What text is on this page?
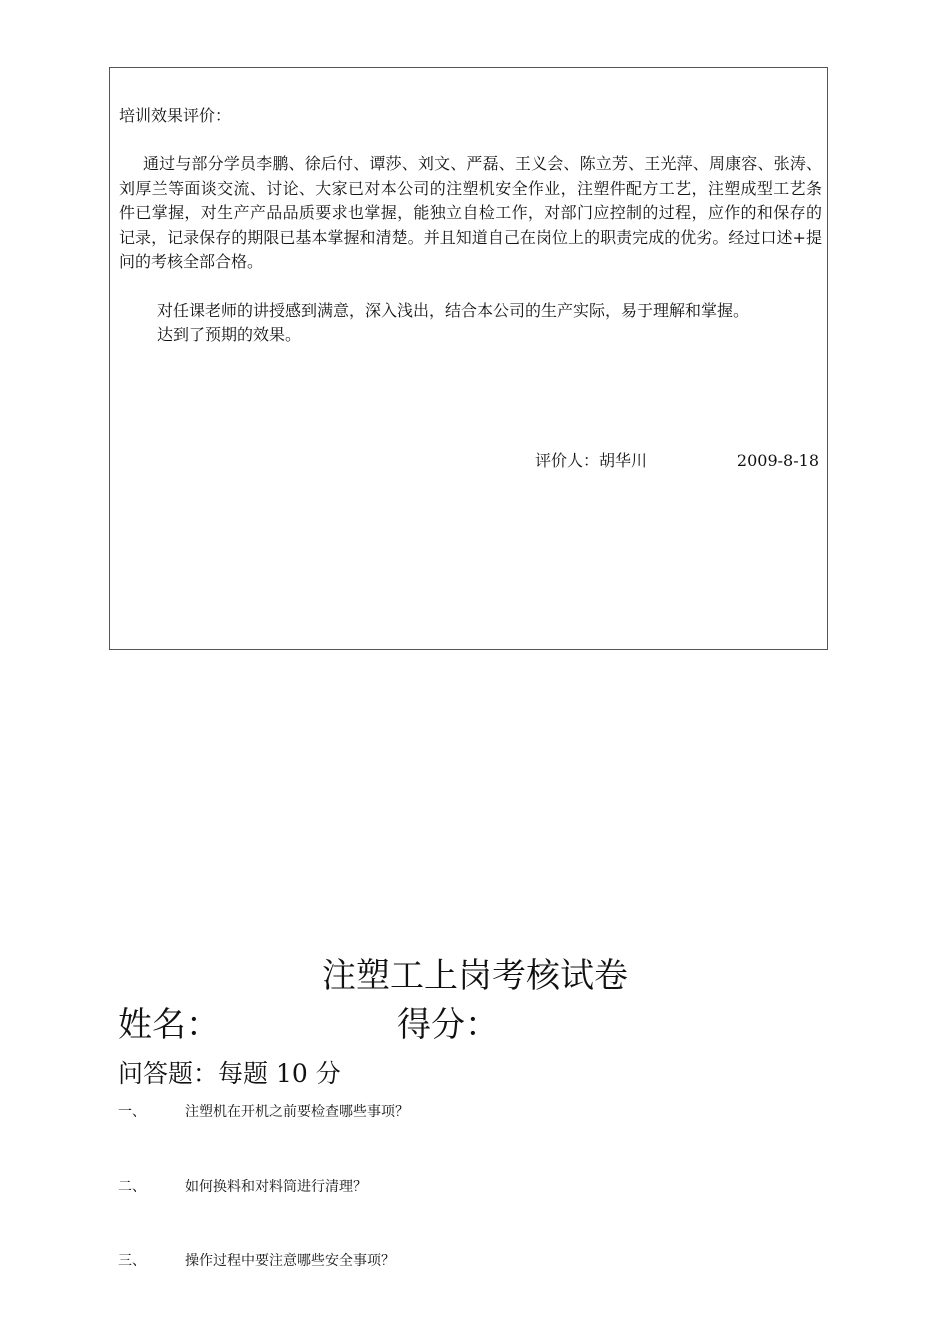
培训效果评价：

通过与部分学员李鹏、徐后付、谭莎、刘文、严磊、王义会、陈立芳、王光萍、周康容、张涛、刘厚兰等面谈交流、讨论、大家已对本公司的注塑机安全作业，注塑件配方工艺，注塑成型工艺条件已掌握，对生产产品品质要求也掌握，能独立自检工作，对部门应控制的过程，应作的和保存的记录，记录保存的期限已基本掌握和清楚。并且知道自己在岗位上的职责完成的优劣。经过口述+提问的考核全部合格。

对任课老师的讲授感到满意，深入浅出，结合本公司的生产实际，易于理解和掌握。

达到了预期的效果。

评价人：胡华川	2009-8-18
注塑工上岗考核试卷
姓名：	得分：
问答题：每题 10 分
一、	注塑机在开机之前要检查哪些事项？
二、	如何换料和对料筒进行清理？
三、	操作过程中要注意哪些安全事项？
